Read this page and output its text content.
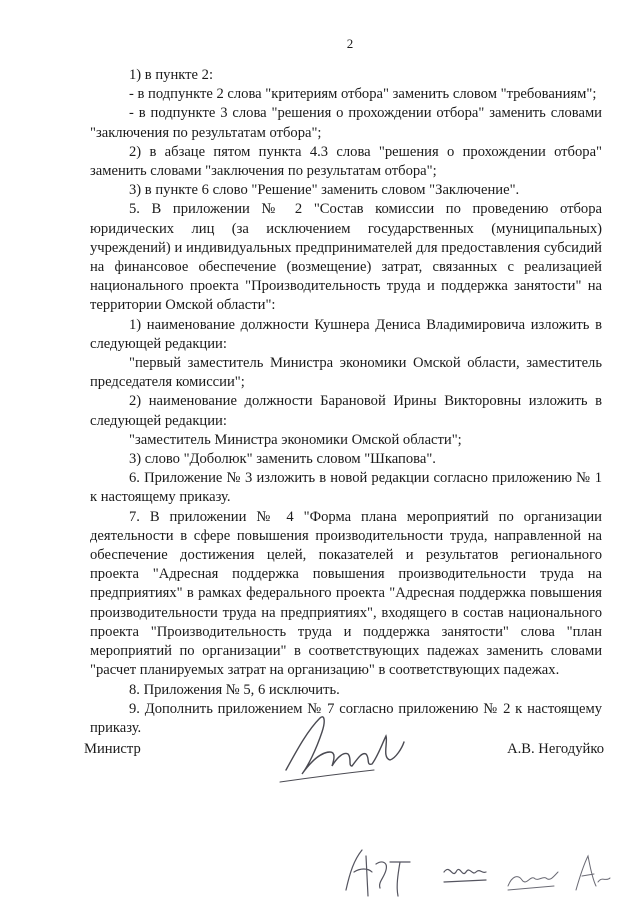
2

1) в пункте 2:

- в подпункте 2 слова "критериям отбора" заменить словом "требованиям";

- в подпункте 3 слова "решения о прохождении отбора" заменить словами "заключения по результатам отбора";

2) в абзаце пятом пункта 4.3 слова "решения о прохождении отбора" заменить словами "заключения по результатам отбора";

3) в пункте 6 слово "Решение" заменить словом "Заключение".

5. В приложении № 2 "Состав комиссии по проведению отбора юридических лиц (за исключением государственных (муниципальных) учреждений) и индивидуальных предпринимателей для предоставления субсидий на финансовое обеспечение (возмещение) затрат, связанных с реализацией национального проекта "Производительность труда и поддержка занятости" на территории Омской области":

1) наименование должности Кушнера Дениса Владимировича изложить в следующей редакции:

"первый заместитель Министра экономики Омской области, заместитель председателя комиссии";

2) наименование должности Барановой Ирины Викторовны изложить в следующей редакции:

"заместитель Министра экономики Омской области";

3) слово "Доболюк" заменить словом "Шкапова".

6. Приложение № 3 изложить в новой редакции согласно приложению № 1 к настоящему приказу.

7. В приложении № 4 "Форма плана мероприятий по организации деятельности в сфере повышения производительности труда, направленной на обеспечение достижения целей, показателей и результатов регионального проекта "Адресная поддержка повышения производительности труда на предприятиях" в рамках федерального проекта "Адресная поддержка повышения производительности труда на предприятиях", входящего в состав национального проекта "Производительность труда и поддержка занятости" слова "план мероприятий по организации" в соответствующих падежах заменить словами "расчет планируемых затрат на организацию" в соответствующих падежах.

8. Приложения № 5, 6 исключить.

9. Дополнить приложением № 7 согласно приложению № 2 к настоящему приказу.

Министр	А.В. Негодуйко
